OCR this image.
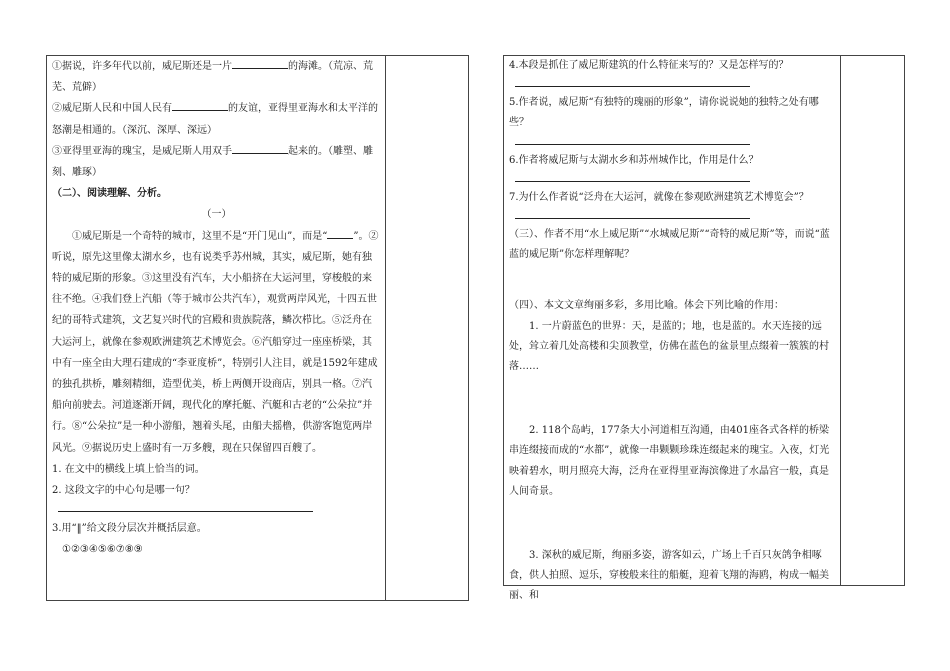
①据说，许多年代以前，威尼斯还是一片	的海滩。（荒凉、荒芜、荒僻）

②威尼斯人民和中国人民有	的友谊，亚得里亚海水和太平洋的怒潮是相通的。（深沉、深厚、深远）

③亚得里亚海的瑰宝，是威尼斯人用双手	起来的。（雕塑、雕刻、雕琢）

（二）、阅读理解、分析。

（一）

①威尼斯是一个奇特的城市，这里不是“开门见山”，而是“	”。②听说，原先这里像太湖水乡，也有说类乎苏州城，其实，威尼斯，她有独特的威尼斯的形象。③这里没有汽车，大小船挤在大运河里，穿梭般的来往不绝。④我们登上汽船（等于城市公共汽车），观赏两岸风光，十四五世纪的哥特式建筑，文艺复兴时代的宫殿和贵族院落，鳞次栉比。⑤泛舟在大运河上，就像在参观欧洲建筑艺术博览会。⑥汽船穿过一座座桥梁，其中有一座全由大理石建成的“李亚度桥”，特别引人注目，就是1592年建成的独孔拱桥，雕刻精细，造型优美，桥上两侧开设商店，别具一格。⑦汽船向前驶去。河道逐渐开阔，现代化的摩托艇、汽艇和古老的“公朵拉”并行。⑧“公朵拉”是一种小游船，翘着头尾，由船夫摇橹，供游客饱览两岸风光。⑨据说历史上盛时有一万多艘，现在只保留四百艘了。

1. 在文中的横线上填上恰当的词。

2. 这段文字的中心句是哪一句？

3.用“‖”给文段分层次并概括层意。

①②③④⑤⑥⑦⑧⑨

4.本段是抓住了威尼斯建筑的什么特征来写的？又是怎样写的？

5.作者说，威尼斯“有独特的瑰丽的形象”，请你说说她的独特之处有哪些？

6.作者将威尼斯与太湖水乡和苏州城作比，作用是什么？

7.为什么作者说“泛舟在大运河，就像在参观欧洲建筑艺术博览会”？

（三）、作者不用“水上威尼斯”“水城威尼斯”“奇特的威尼斯”等，而说“蓝蓝的威尼斯”你怎样理解呢？

（四）、本文文章绚丽多彩，多用比喻。体会下列比喻的作用：

1. 一片蔚蓝色的世界：天，是蓝的；地，也是蓝的。水天连接的远处，耸立着几处高楼和尖顶教堂，仿佛在蓝色的盆景里点缀着一簇簇的村落……

2. 118个岛屿，177条大小河道相互沟通，由401座各式各样的桥梁串连缀接而成的“水都”，就像一串颗颗珍珠连缀起来的瑰宝。入夜，灯光映着碧水，明月照亮大海，泛舟在亚得里亚海滨像进了水晶宫一般，真是人间奇景。

3. 深秋的威尼斯，绚丽多姿，游客如云，广场上千百只灰鸽争相啄食，供人拍照、逗乐，穿梭般来往的船艇，迎着飞翔的海鸥，构成一幅美丽、和
